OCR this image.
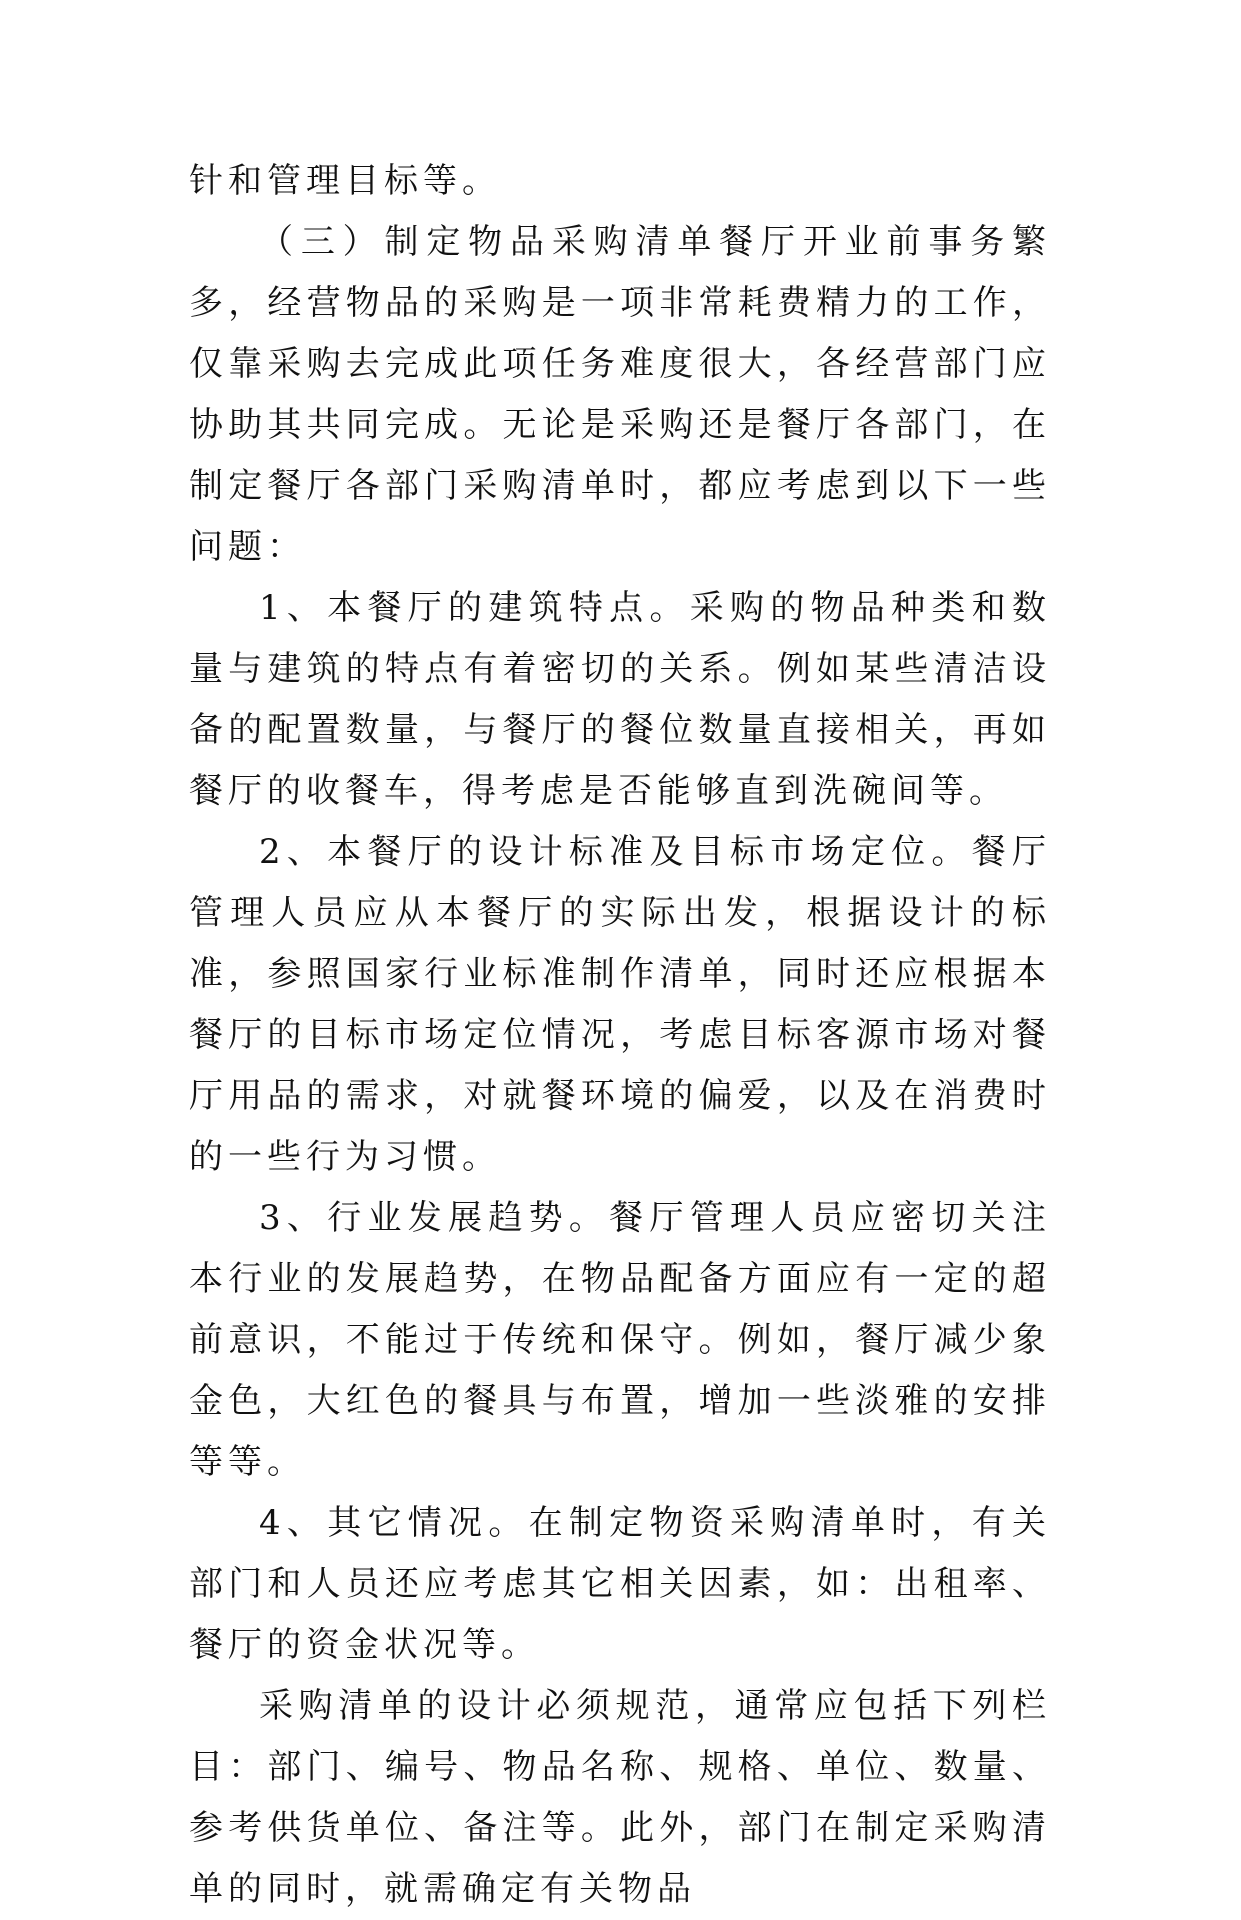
针和管理目标等。

（三）制定物品采购清单餐厅开业前事务繁多，经营物品的采购是一项非常耗费精力的工作，仅靠采购去完成此项任务难度很大，各经营部门应协助其共同完成。无论是采购还是餐厅各部门，在制定餐厅各部门采购清单时，都应考虑到以下一些问题：

1、本餐厅的建筑特点。采购的物品种类和数量与建筑的特点有着密切的关系。例如某些清洁设备的配置数量，与餐厅的餐位数量直接相关，再如餐厅的收餐车，得考虑是否能够直到洗碗间等。

2、本餐厅的设计标准及目标市场定位。餐厅管理人员应从本餐厅的实际出发，根据设计的标准，参照国家行业标准制作清单，同时还应根据本餐厅的目标市场定位情况，考虑目标客源市场对餐厅用品的需求，对就餐环境的偏爱，以及在消费时的一些行为习惯。

3、行业发展趋势。餐厅管理人员应密切关注本行业的发展趋势，在物品配备方面应有一定的超前意识，不能过于传统和保守。例如，餐厅减少象金色，大红色的餐具与布置，增加一些淡雅的安排等等。

4、其它情况。在制定物资采购清单时，有关部门和人员还应考虑其它相关因素，如：出租率、餐厅的资金状况等。

采购清单的设计必须规范，通常应包括下列栏目：部门、编号、物品名称、规格、单位、数量、参考供货单位、备注等。此外，部门在制定采购清单的同时，就需确定有关物品
